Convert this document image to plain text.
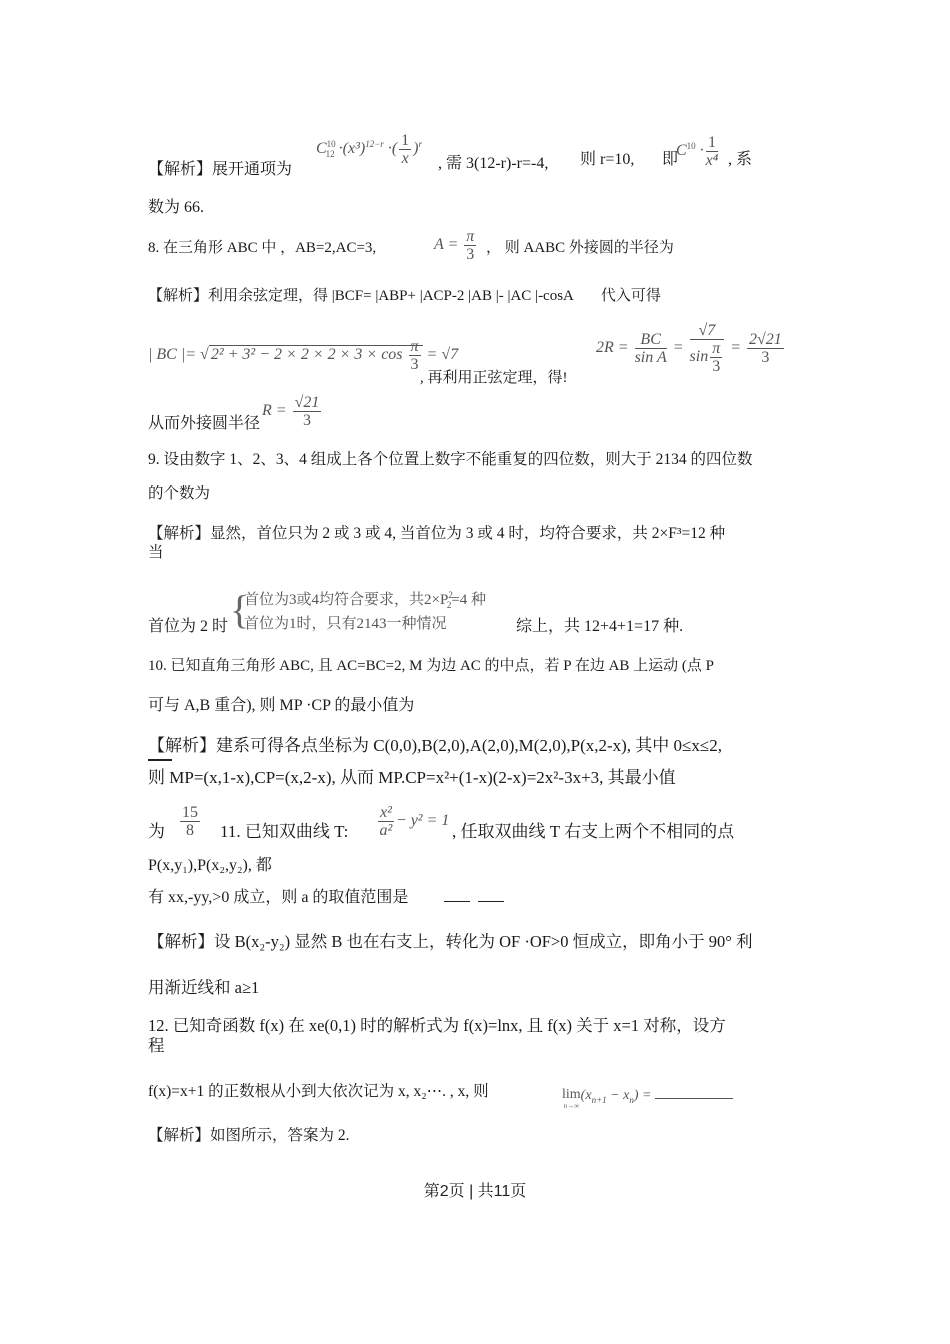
【解析】展开通项为
$C^{10}_{12} \cdot(x^3)^{12-r}$ ·( $\frac{1}{x} )^r$
, 需 3(12-r)-r=-4, 则 r=10, 即
$C^{10} \cdot \frac{1}{\text{x⁴}}$ , 系
数为 66.
8. 在三角形 ABC 中 ，AB=2,AC=3,	$A = \frac{\pi}{3}$ ， 则 AABC 外接圆的半径为
【解析】利用余弦定理，得 |BCF= |ABP+ |ACP-2 |AB |- |AC |-cosA 代入可得
| BC |= √ $2^2 + 3^2 - 2 \times 2 \times 2 \times 3 \times \cos \frac{\pi}{3} = √7$
, 再利用正弦定理，得!
$2R = \frac{BC}{\text{sin A}} = \frac{√7}{\sin \frac{\pi}{3}} = \frac{2√21}{3}$
从而外接圆半径
$R = \frac{√21}{3}$
9. 设由数字 1、2、3、4 组成上各个位置上数字不能重复的四位数，则大于 2134 的四位数
的个数为
【解析】显然，首位只为 2 或 3 或 4, 当首位为 3 或 4 时，均符合要求，共 2×F³=12 种
当
首位为 2 时 {
首位为3或4均符合要求，共$2\times P^2_2=4$ 种
首位为1时，只有2143一种情况	综上，共 12+4+1=17 种.
10. 已知直角三角形 ABC, 且 AC=BC=2, M 为边 AC 的中点，若 P 在边 AB 上运动 (点 P
可与 A,B 重合), 则 MP ·CP 的最小值为
【解析】建系可得各点坐标为 C(0,0),B(2,0),A(2,0),M(2,0),P(x,2-x), 其中 0≤x≤2,
则 MP=(x,1-x),CP=(x,2-x), 从而 MP.CP=x²+(1-x)(2-x)=2x²-3x+3, 其最小值
为 $\frac{15}{8} 11$. 已知双曲线 T: $\frac{\text{x²}}{\text{a²}} - y^2 = 1$
, 任取双曲线 T 右支上两个不相同的点
P(x,y₁),P(x₂,y₂), 都
有 xx,-yy,>0 成立，则 a 的取值范围是
【解析】设 B(x₂-y₂) 显然 B 也在右支上，转化为 OF ·OF>0 恒成立，即角小于 90° 利
用渐近线和 a≥1
12. 已知奇函数 f(x) 在 xe(0,1) 时的解析式为 f(x)=lnx, 且 f(x) 关于 x=1 对称，设方
程
f(x)=x+1 的正数根从小到大依次记为 x, x₂⋯. , x, 则	lim
n→∞
$(x_{n+1} - x_n)$ =
【解析】如图所示，答案为 2.
第2页 | 共11页
